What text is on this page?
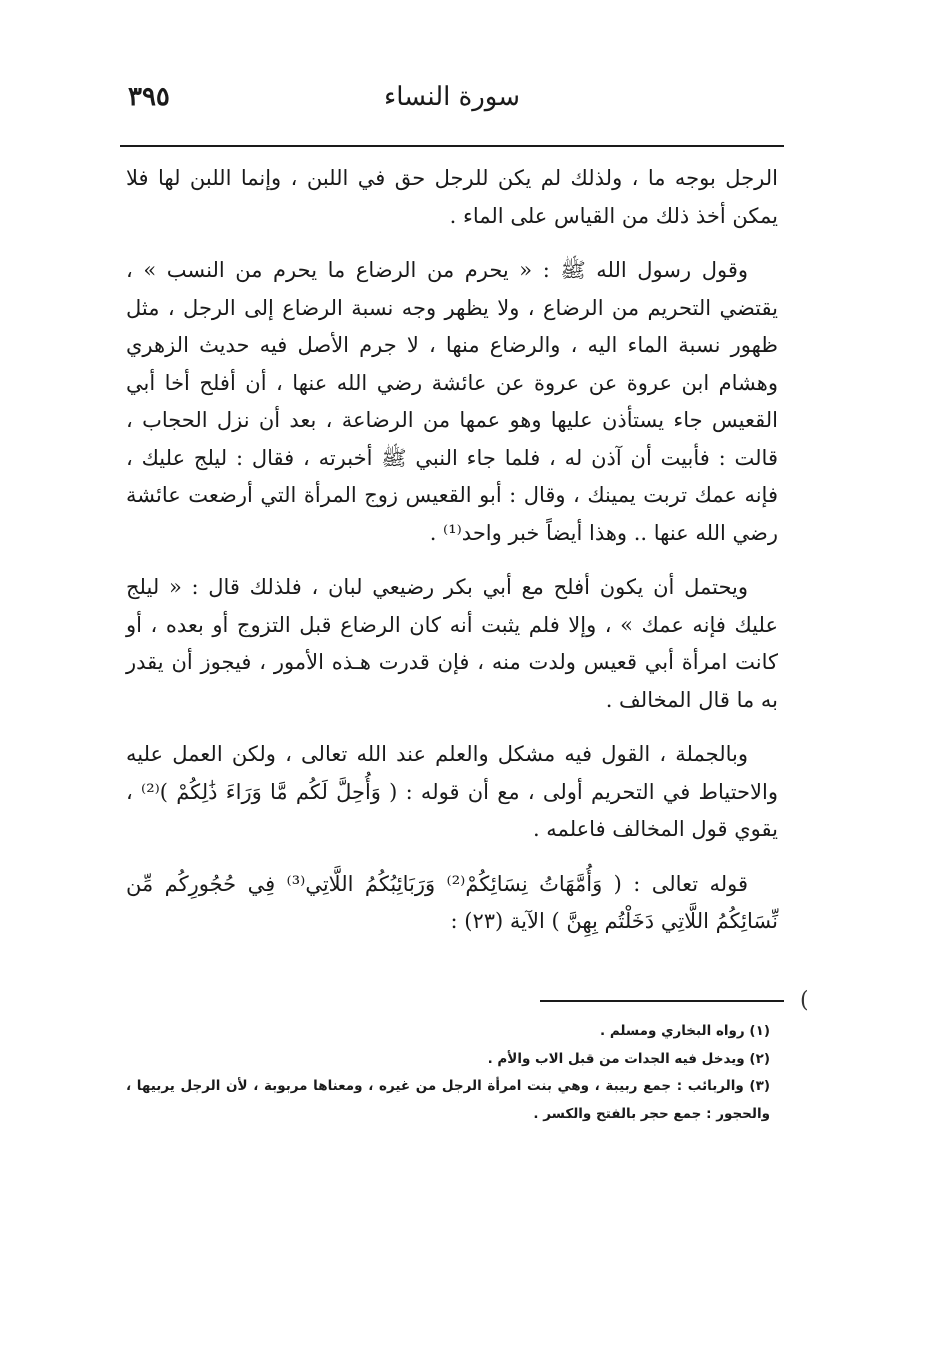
٣٩٥	سورة النساء

الرجل بوجه ما ، ولذلك لم يكن للرجل حق في اللبن ، وإنما اللبن لها فلا يمكن أخذ ذلك من القياس على الماء .

وقول رسول الله ﷺ : « يحرم من الرضاع ما يحرم من النسب » ، يقتضي التحريم من الرضاع ، ولا يظهر وجه نسبة الرضاع إلى الرجل ، مثل ظهور نسبة الماء اليه ، والرضاع منها ، لا جرم الأصل فيه حديث الزهري وهشام ابن عروة عن عروة عن عائشة رضي الله عنها ، أن أفلح أخا أبي القعيس جاء يستأذن عليها وهو عمها من الرضاعة ، بعد أن نزل الحجاب ، قالت : فأبيت أن آذن له ، فلما جاء النبي ﷺ أخبرته ، فقال : ليلج عليك ، فإنه عمك تربت يمينك ، وقال : أبو القعيس زوج المرأة التي أرضعت عائشة رضي الله عنها .. وهذا أيضاً خبر واحد⁽¹⁾ .

ويحتمل أن يكون أفلح مع أبي بكر رضيعي لبان ، فلذلك قال : « ليلج عليك فإنه عمك » ، وإلا فلم يثبت أنه كان الرضاع قبل التزوج أو بعده ، أو كانت امرأة أبي قعيس ولدت منه ، فإن قدرت هـذه الأمور ، فيجوز أن يقدر به ما قال المخالف .

وبالجملة ، القول فيه مشكل والعلم عند الله تعالى ، ولكن العمل عليه والاحتياط في التحريم أولى ، مع أن قوله : ( وَأُحِلَّ لَكُم مَّا وَرَاءَ ذَٰلِكُمْ )⁽²⁾ ، يقوي قول المخالف فاعلمه .

قوله تعالى : ( وَأُمَّهَاتُ نِسَائِكُمْ⁽²⁾ وَرَبَائِبُكُمُ اللَّاتِي⁽³⁾ فِي حُجُورِكُم مِّن نِّسَائِكُمُ اللَّاتِي دَخَلْتُم بِهِنَّ ) الآية (٢٣) :

(

(١) رواه البخاري ومسلم .

(٢) ويدخل فيه الجدات من قبل الاب والأم .

(٣) والربائب : جمع ربيبة ، وهي بنت امرأة الرجل من غيره ، ومعناها مربوبة ، لأن الرجل يربيها ، والحجور : جمع حجر بالفتح والكسر .
